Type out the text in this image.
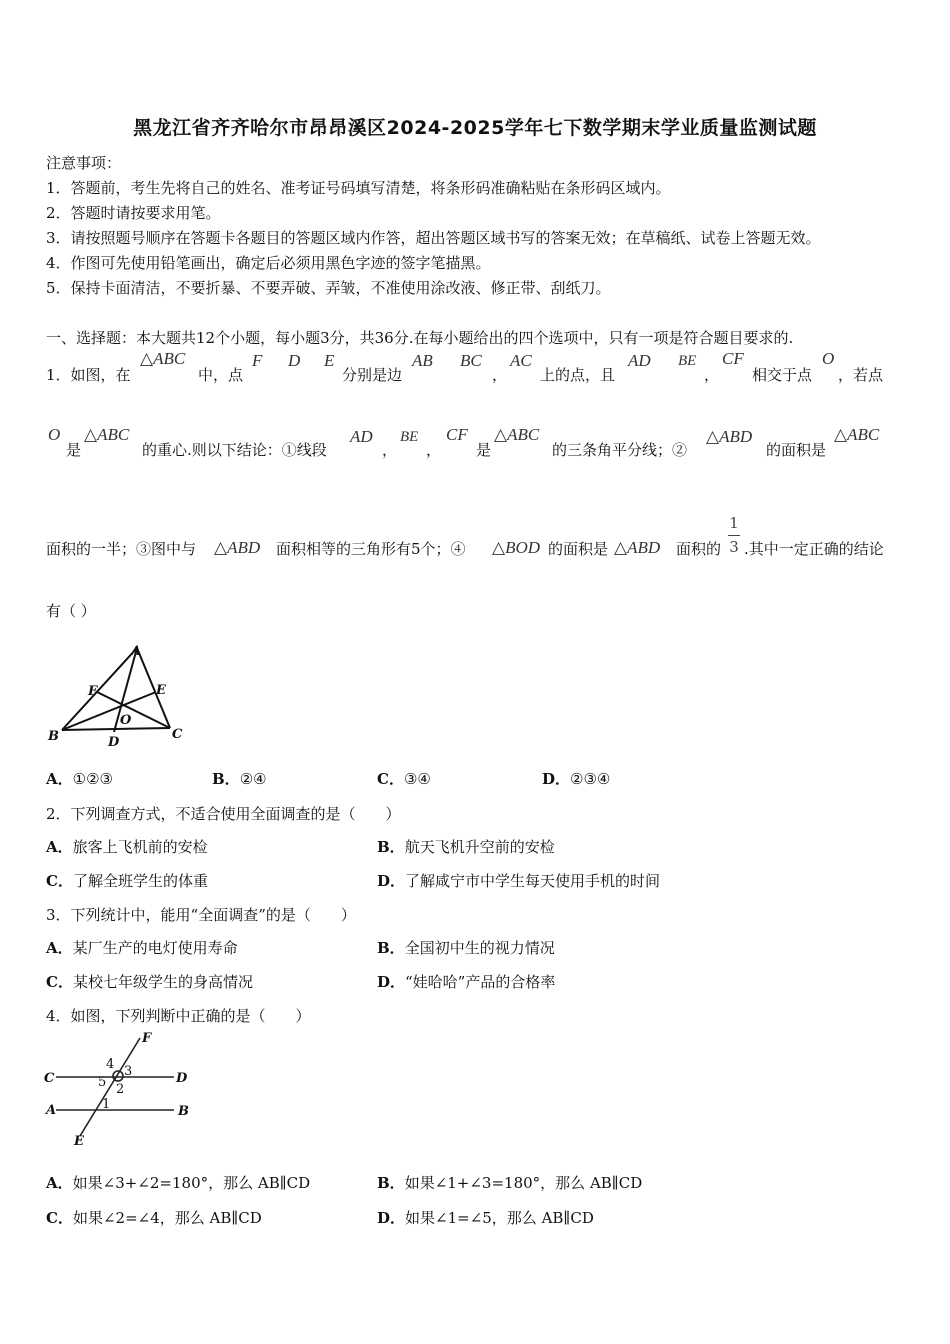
黑龙江省齐齐哈尔市昂昂溪区2024-2025学年七下数学期末学业质量监测试题
注意事项：
1．答题前，考生先将自己的姓名、准考证号码填写清楚，将条形码准确粘贴在条形码区域内。
2．答题时请按要求用笔。
3．请按照题号顺序在答题卡各题目的答题区域内作答，超出答题区域书写的答案无效；在草稿纸、试卷上答题无效。
4．作图可先使用铅笔画出，确定后必须用黑色字迹的签字笔描黑。
5．保持卡面清洁，不要折暴、不要弄破、弄皱，不准使用涂改液、修正带、刮纸刀。
一、选择题：本大题共12个小题，每小题3分，共36分.在每小题给出的四个选项中，只有一项是符合题目要求的.
1．如图，在
△ABC
中，点
F D E
分别是边
AB BC
，
AC
上的点，且
AD BE
，
CF
相交于点
O
，若点
O
是
△ABC
的重心.则以下结论：①线段
AD
，
BE
，
CF
是
△ABC
的三条角平分线；②
△ABD
的面积是
△ABC
面积的一半；③图中与 △ABD 面积相等的三角形有5个；④ △BOD 的面积是 △ABD 面积的
1
3 .其中一定正确的结论
有（ ）
A
B	C
D
E
F
O
A．①②③	B．②④	C．③④	D．②③④
2．下列调查方式，不适合使用全面调查的是（　　）
A．旅客上飞机前的安检	B．航天飞机升空前的安检
C．了解全班学生的体重	D．了解咸宁市中学生每天使用手机的时间
3．下列统计中，能用“全面调查”的是（　　）
A．某厂生产的电灯使用寿命	B．全国初中生的视力情况
C．某校七年级学生的身高情况	D．“娃哈哈”产品的合格率
4．如图，下列判断中正确的是（　　）
C	D
A	B
E
F
4 3
5 2
1
A．如果∠3+∠2=180°，那么 AB∥CD	B．如果∠1+∠3=180°，那么 AB∥CD
C．如果∠2=∠4，那么 AB∥CD	D．如果∠1=∠5，那么 AB∥CD
